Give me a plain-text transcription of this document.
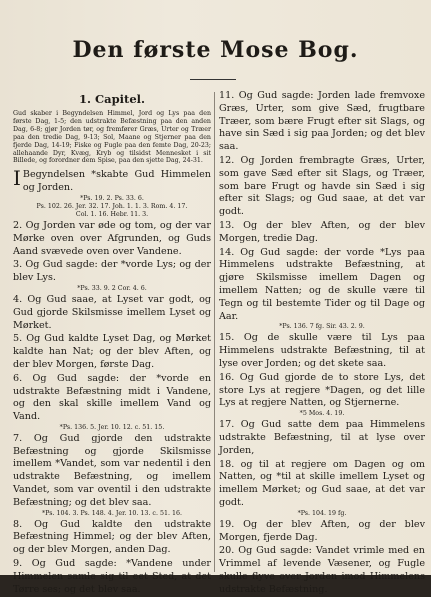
Den første Mose Bog.
1. Capitel.
Gud skaber i Begyndelsen Himmel, Jord og Lys paa den første Dag, 1-5; den udstrakte Befæstning paa den anden Dag, 6-8; gjør Jorden tør, og fremfører Græs, Urter og Træer paa den tredie Dag, 9-13; Sol, Maane og Stjerner paa den fjerde Dag, 14-19; Fiske og Fugle paa den femte Dag, 20-23; allehaande Dyr, Kvæg, Kryb og tilsidst Mennesket i sit Billede, og forordner dem Spise, paa den sjette Dag, 24-31.
IBegyndelsen *skabte Gud Himmelen og Jorden.
*Ps. 19. 2. Ps. 33. 6.
Ps. 102. 26. Jer. 32. 17. Joh. 1. 1. 3. Rom. 4. 17.
Col. 1. 16. Hebr. 11. 3.
2. Og Jorden var øde og tom, og der var Mørke oven over Afgrunden, og Guds Aand svævede oven over Vandene.
3. Og Gud sagde: der *vorde Lys; og der blev Lys.
*Ps. 33. 9. 2 Cor. 4. 6.
4. Og Gud saae, at Lyset var godt, og Gud gjorde Skilsmisse imellem Lyset og Mørket.
5. Og Gud kaldte Lyset Dag, og Mørket kaldte han Nat; og der blev Aften, og der blev Morgen, første Dag.
6. Og Gud sagde: der *vorde en udstrakte Befæstning midt i Vandene, og den skal skille imellem Vand og Vand.
*Ps. 136. 5. Jer. 10. 12. c. 51. 15.
7. Og Gud gjorde den udstrakte Befæstning og gjorde Skilsmisse imellem *Vandet, som var nedentil i den udstrakte Befæstning, og imellem Vandet, som var oventil i den udstrakte Befæstning; og det blev saa.
*Ps. 104. 3. Ps. 148. 4. Jer. 10. 13. c. 51. 16.
8. Og Gud kaldte den udstrakte Befæstning Himmel; og der blev Aften, og der blev Morgen, anden Dag.
9. Og Gud sagde: *Vandene under Himmelen samle sig til eet Sted, at det Tørre ses; og det blev saa.
11. Og Gud sagde: Jorden lade fremvoxe Græs, Urter, som give Sæd, frugtbare Træer, som bære Frugt efter sit Slags, og have sin Sæd i sig paa Jorden; og det blev saa.
12. Og Jorden frembragte Græs, Urter, som gave Sæd efter sit Slags, og Træer, som bare Frugt og havde sin Sæd i sig efter sit Slags; og Gud saae, at det var godt.
13. Og der blev Aften, og der blev Morgen, tredie Dag.
14. Og Gud sagde: der vorde *Lys paa Himmelens udstrakte Befæstning, at gjøre Skilsmisse imellem Dagen og imellem Natten; og de skulle være til Tegn og til bestemte Tider og til Dage og Aar.
*Ps. 136. 7 fg. Sir. 43. 2. 9.
15. Og de skulle være til Lys paa Himmelens udstrakte Befæstning, til at lyse over Jorden; og det skete saa.
16. Og Gud gjorde de to store Lys, det store Lys at regjere *Dagen, og det lille Lys at regjere Natten, og Stjernerne.
*5 Mos. 4. 19.
17. Og Gud satte dem paa Himmelens udstrakte Befæstning, til at lyse over Jorden,
18. og til at regjere om Dagen og om Natten, og *til at skille imellem Lyset og imellem Mørket; og Gud saae, at det var godt.
*Ps. 104. 19 fg.
19. Og der blev Aften, og der blev Morgen, fjerde Dag.
20. Og Gud sagde: Vandet vrimle med en Vrimmel af levende Væsener, og Fugle skulle flyve over Jorden imod Himmelens udstrakte Befæstning.
